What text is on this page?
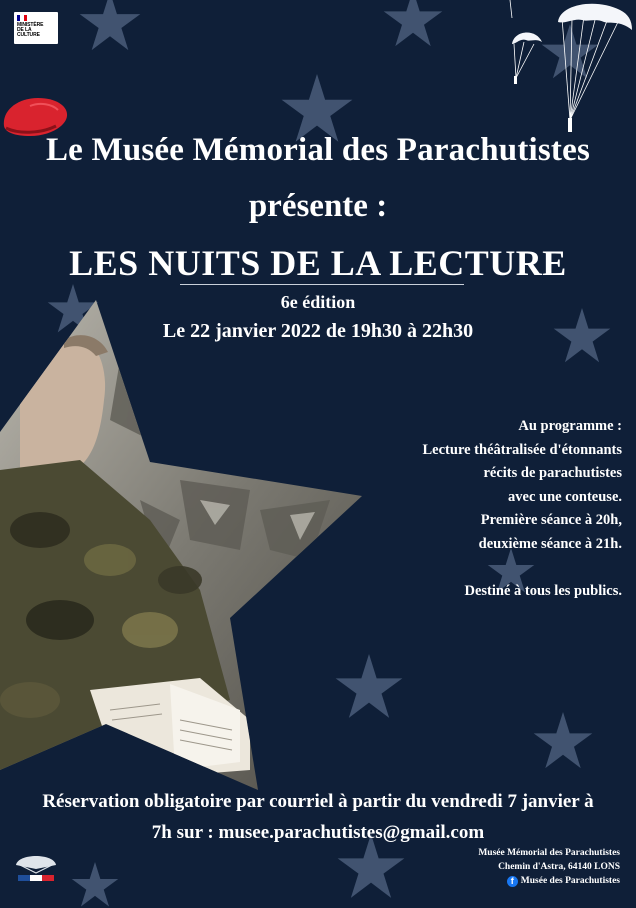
MINISTÈRE
DE LA CULTURE
Le Musée Mémorial des Parachutistes
présente :
LES NUITS DE LA LECTURE
6e édition
Le 22 janvier 2022 de 19h30 à 22h30
Au programme :
Lecture théâtralisée d'étonnants
récits de parachutistes
avec une conteuse.
Première séance à 20h,
deuxième séance à 21h.

Destiné à tous les publics.
Réservation obligatoire par courriel à partir du vendredi 7 janvier à
7h sur : musee.parachutistes@gmail.com
Musée Mémorial des Parachutistes
Chemin d'Astra, 64140 LONS
f Musée des Parachutistes
